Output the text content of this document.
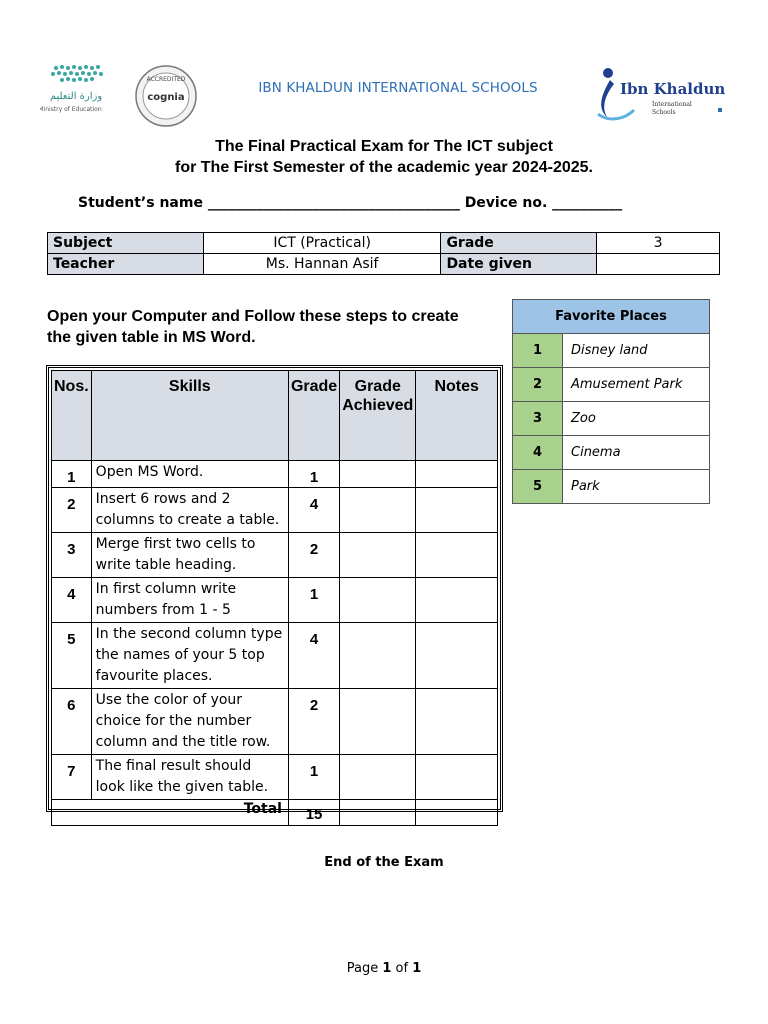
وزارة التعليم
Ministry of Education
ACCREDITED
cognia
IBN KHALDUN INTERNATIONAL SCHOOLS	Ibn Khaldun
International
Schools
The Final Practical Exam for The ICT subject
for The First Semester of the academic year 2024-2025.
Student’s name ____________________________________ Device no. __________
Subject	ICT (Practical)	Grade	3
Teacher	Ms. Hannan Asif	Date given	
Open your Computer and Follow these steps to create the given table in MS Word.
Nos.	Skills	Grade	Grade Achieved	Notes
1	Open MS Word.	1		
2	Insert 6 rows and 2 columns to create a table.	4		
3	Merge first two cells to write table heading.	2		
4	In first column write numbers from 1 - 5	1		
5	In the second column type the names of your 5 top favourite places.	4		
6	Use the color of your choice for the number column and the title row.	2		
7	The final result should look like the given table.	1		
Total		15		
Favorite Places	
1	Disney land
2	Amusement Park
3	Zoo
4	Cinema
5	Park
End of the Exam
Page 1 of 1
